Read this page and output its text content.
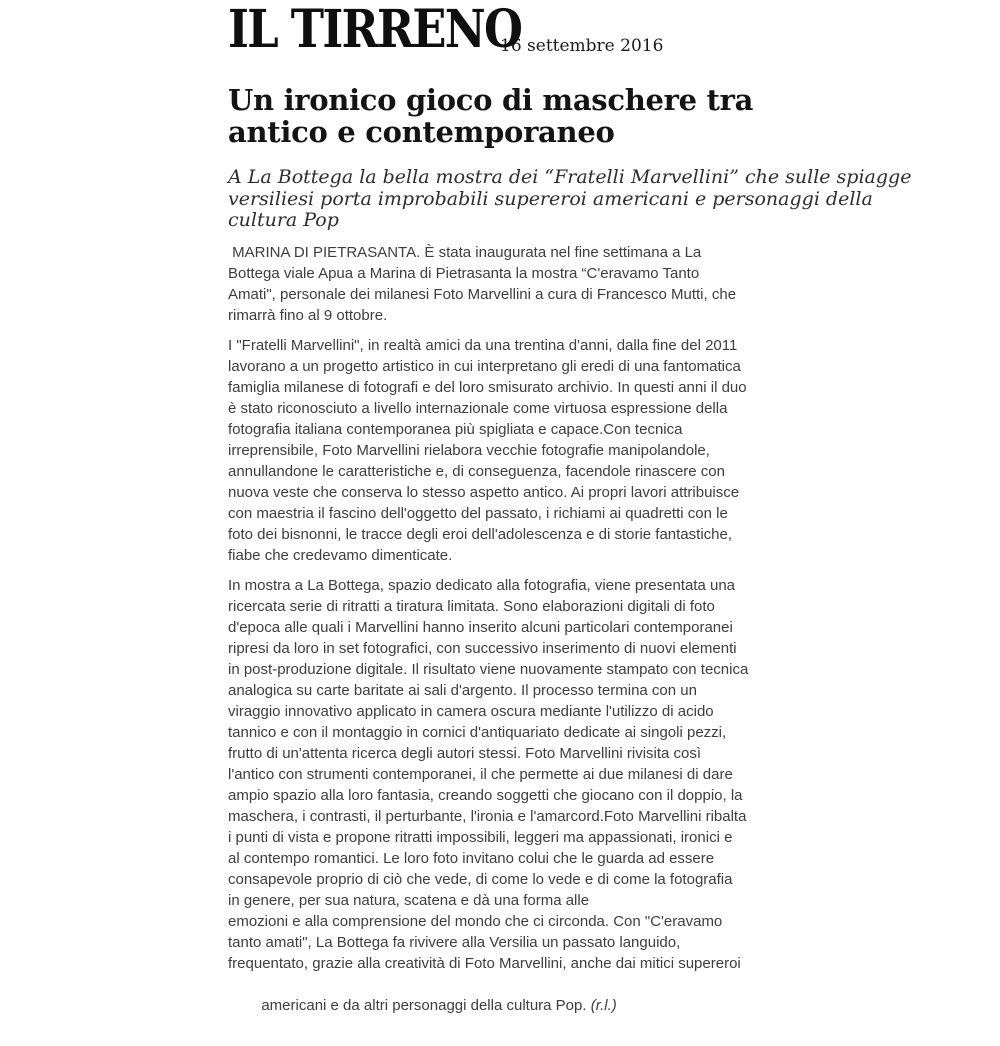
IL TIRRENO
16 settembre 2016
Un ironico gioco di maschere tra
antico e contemporaneo
A La Bottega la bella mostra dei “Fratelli Marvellini” che sulle spiagge
versiliesi porta improbabili supereroi americani e personaggi della
cultura Pop
MARINA DI PIETRASANTA. È stata inaugurata nel fine settimana a La
Bottega viale Apua a Marina di Pietrasanta la mostra “C'eravamo Tanto
Amati", personale dei milanesi Foto Marvellini a cura di Francesco Mutti, che
rimarrà fino al 9 ottobre.
I "Fratelli Marvellini", in realtà amici da una trentina d'anni, dalla fine del 2011
lavorano a un progetto artistico in cui interpretano gli eredi di una fantomatica
famiglia milanese di fotografi e del loro smisurato archivio. In questi anni il duo
è stato riconosciuto a livello internazionale come virtuosa espressione della
fotografia italiana contemporanea più spigliata e capace.Con tecnica
irreprensibile, Foto Marvellini rielabora vecchie fotografie manipolandole,
annullandone le caratteristiche e, di conseguenza, facendole rinascere con
nuova veste che conserva lo stesso aspetto antico. Ai propri lavori attribuisce
con maestria il fascino dell'oggetto del passato, i richiami ai quadretti con le
foto dei bisnonni, le tracce degli eroi dell'adolescenza e di storie fantastiche,
fiabe che credevamo dimenticate.
In mostra a La Bottega, spazio dedicato alla fotografia, viene presentata una
ricercata serie di ritratti a tiratura limitata. Sono elaborazioni digitali di foto
d'epoca alle quali i Marvellini hanno inserito alcuni particolari contemporanei
ripresi da loro in set fotografici, con successivo inserimento di nuovi elementi
in post-produzione digitale. Il risultato viene nuovamente stampato con tecnica
analogica su carte baritate ai sali d'argento. Il processo termina con un
viraggio innovativo applicato in camera oscura mediante l'utilizzo di acido
tannico e con il montaggio in cornici d'antiquariato dedicate ai singoli pezzi,
frutto di un'attenta ricerca degli autori stessi. Foto Marvellini rivisita così
l'antico con strumenti contemporanei, il che permette ai due milanesi di dare
ampio spazio alla loro fantasia, creando soggetti che giocano con il doppio, la
maschera, i contrasti, il perturbante, l'ironia e l'amarcord.Foto Marvellini ribalta
i punti di vista e propone ritratti impossibili, leggeri ma appassionati, ironici e
al contempo romantici. Le loro foto invitano colui che le guarda ad essere
consapevole proprio di ciò che vede, di come lo vede e di come la fotografia
in genere, per sua natura, scatena e dà una forma alle
emozioni e alla comprensione del mondo che ci circonda. Con "C'eravamo
tanto amati", La Bottega fa rivivere alla Versilia un passato languido,
frequentato, grazie alla creatività di Foto Marvellini, anche dai mitici supereroi

americani e da altri personaggi della cultura Pop. (r.l.)
